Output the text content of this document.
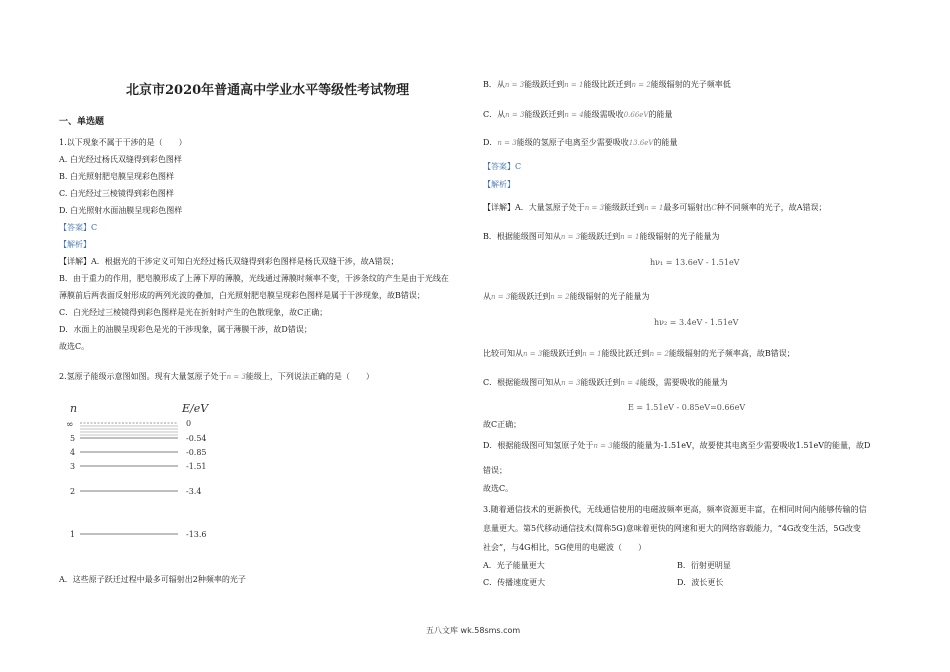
北京市2020年普通高中学业水平等级性考试物理
一、单选题
1.以下现象不属于干涉的是（　　）
A. 白光经过杨氏双缝得到彩色图样
B. 白光照射肥皂膜呈现彩色图样
C. 白光经过三棱镜得到彩色图样
D. 白光照射水面油膜呈现彩色图样
【答案】C
【解析】
【详解】A．根据光的干涉定义可知白光经过杨氏双缝得到彩色图样是杨氏双缝干涉，故A错误；
B．由于重力的作用，肥皂膜形成了上薄下厚的薄膜，光线通过薄膜时频率不变，干涉条纹的产生是由于光线在
薄膜前后两表面反射形成的两列光波的叠加，白光照射肥皂膜呈现彩色图样是属于干涉现象，故B错误；
C．白光经过三棱镜得到彩色图样是光在折射时产生的色散现象，故C正确；
D．水面上的油膜呈现彩色是光的干涉现象，属于薄膜干涉，故D错误；
故选C。
2.氢原子能级示意图如图。现有大量氢原子处于n = 3能级上，下列说法正确的是（　　）
n	E/eV
∞
5
4
3
2
1
0
-0.54
-0.85
-1.51
-3.4
-13.6
A．这些原子跃迁过程中最多可辐射出2种频率的光子
B．从n = 3能级跃迁到n = 1能级比跃迁到n = 2能级辐射的光子频率低
C．从n = 3能级跃迁到n = 4能级需吸收0.66eV的能量
D．n = 3能级的氢原子电离至少需要吸收13.6eV的能量
【答案】C
【解析】
【详解】A．大量氢原子处于n = 3能级跃迁到n = 1最多可辐射出C种不同频率的光子，故A错误；
B．根据能级图可知从n = 3能级跃迁到n = 1能级辐射的光子能量为
hν₁ = 13.6eV - 1.51eV
从n = 3能级跃迁到n = 2能级辐射的光子能量为
hν₂ = 3.4eV - 1.51eV
比较可知从n = 3能级跃迁到n = 1能级比跃迁到n = 2能级辐射的光子频率高，故B错误；
C．根据能级图可知从n = 3能级跃迁到n = 4能级，需要吸收的能量为
E = 1.51eV - 0.85eV=0.66eV
故C正确；
D．根据能级图可知氢原子处于n = 3能级的能量为-1.51eV，故要使其电离至少需要吸收1.51eV的能量，故D
错误；
故选C。
3.随着通信技术的更新换代，无线通信使用的电磁波频率更高，频率资源更丰富，在相同时间内能够传输的信
息量更大。第5代移动通信技术(简称5G)意味着更快的网速和更大的网络容载能力，“4G改变生活，5G改变
社会”，与4G相比，5G使用的电磁波（　　）
A．光子能量更大	B．衍射更明显
C．传播速度更大	D．波长更长
五八文库 wk.58sms.com
